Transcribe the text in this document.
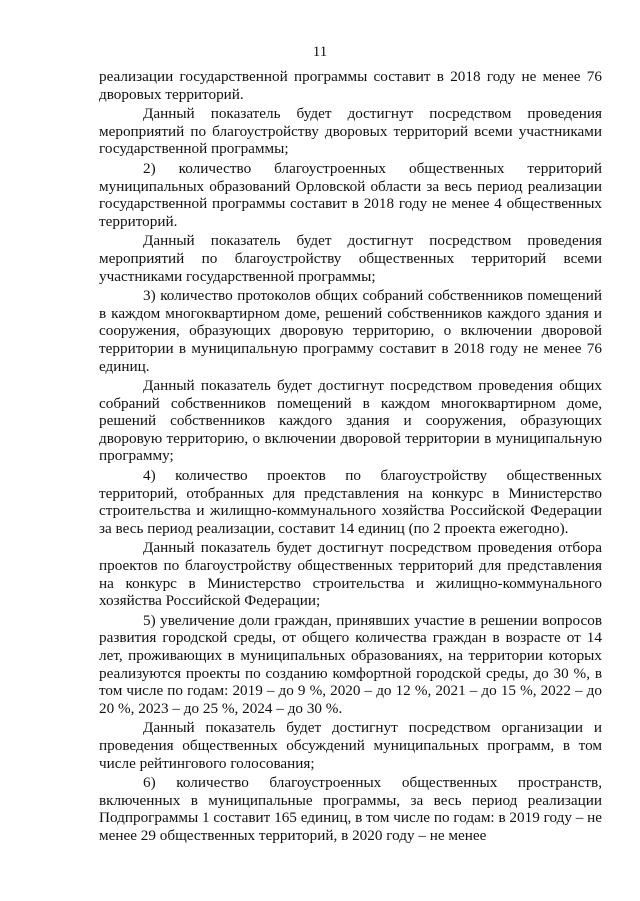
11

реализации государственной программы составит в 2018 году не менее 76 дворовых территорий.

Данный показатель будет достигнут посредством проведения мероприятий по благоустройству дворовых территорий всеми участниками государственной программы;

2) количество благоустроенных общественных территорий муниципальных образований Орловской области за весь период реализации государственной программы составит в 2018 году не менее 4 общественных территорий.

Данный показатель будет достигнут посредством проведения мероприятий по благоустройству общественных территорий всеми участниками государственной программы;

3) количество протоколов общих собраний собственников помещений в каждом многоквартирном доме, решений собственников каждого здания и сооружения, образующих дворовую территорию, о включении дворовой территории в муниципальную программу составит в 2018 году не менее 76 единиц.

Данный показатель будет достигнут посредством проведения общих собраний собственников помещений в каждом многоквартирном доме, решений собственников каждого здания и сооружения, образующих дворовую территорию, о включении дворовой территории в муниципальную программу;

4) количество проектов по благоустройству общественных территорий, отобранных для представления на конкурс в Министерство строительства и жилищно-коммунального хозяйства Российской Федерации за весь период реализации, составит 14 единиц (по 2 проекта ежегодно).

Данный показатель будет достигнут посредством проведения отбора проектов по благоустройству общественных территорий для представления на конкурс в Министерство строительства и жилищно-коммунального хозяйства Российской Федерации;

5) увеличение доли граждан, принявших участие в решении вопросов развития городской среды, от общего количества граждан в возрасте от 14 лет, проживающих в муниципальных образованиях, на территории которых реализуются проекты по созданию комфортной городской среды, до 30 %, в том числе по годам: 2019 – до 9 %, 2020 – до 12 %, 2021 – до 15 %, 2022 – до 20 %, 2023 – до 25 %, 2024 – до 30 %.

Данный показатель будет достигнут посредством организации и проведения общественных обсуждений муниципальных программ, в том числе рейтингового голосования;

6) количество благоустроенных общественных пространств, включенных в муниципальные программы, за весь период реализации Подпрограммы 1 составит 165 единиц, в том числе по годам: в 2019 году – не менее 29 общественных территорий, в 2020 году – не менее
